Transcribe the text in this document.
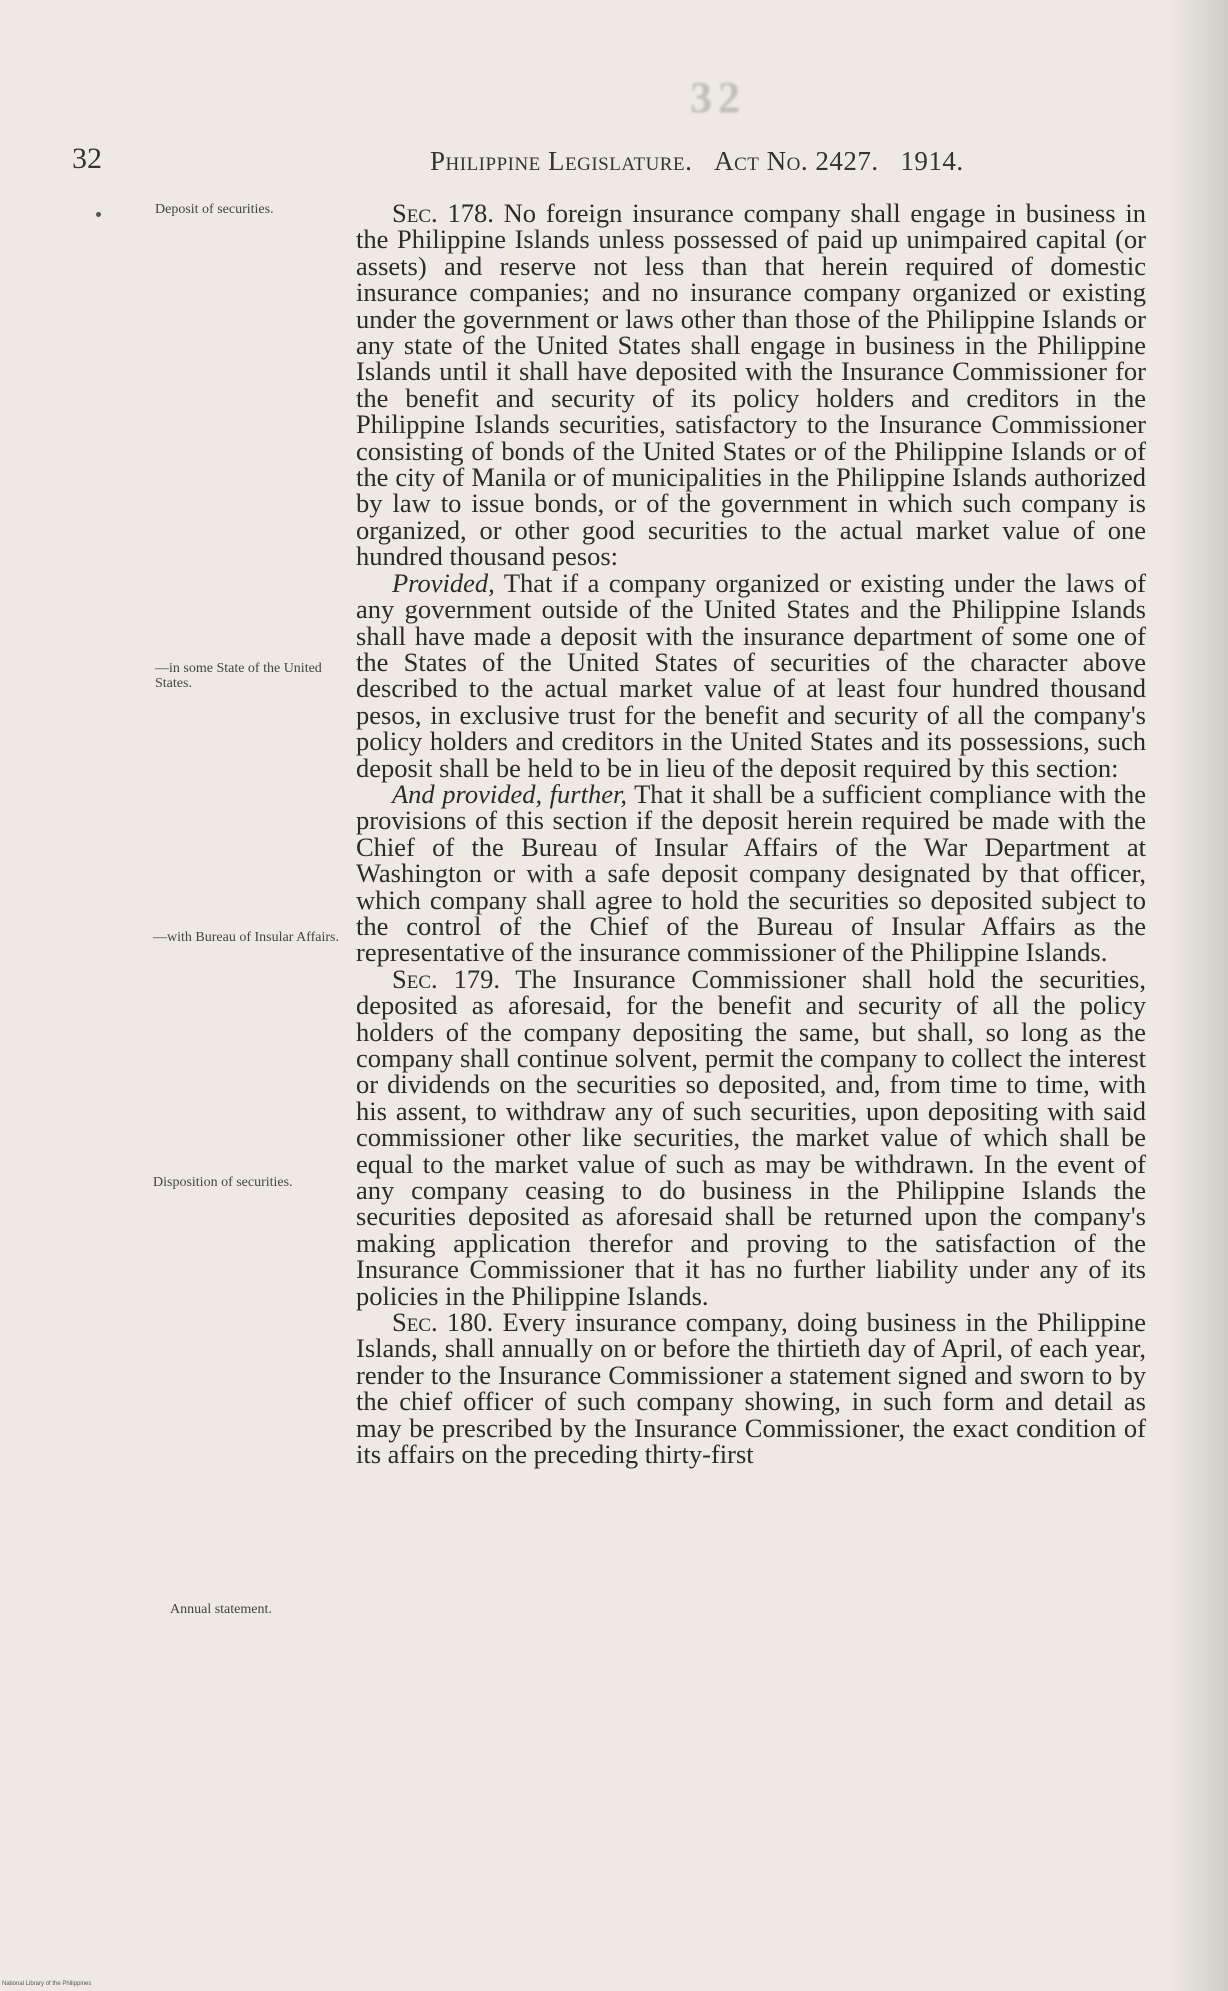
32
32	Philippine Legislature. Act No. 2427. 1914.
Deposit of securities.
—in some State of the United States.
—with Bureau of Insular Affairs.
Disposition of securities.
Annual statement.

Sec. 178. No foreign insurance company shall engage in business in the Philippine Islands unless possessed of paid up unimpaired capital (or assets) and reserve not less than that herein required of domestic insurance companies; and no insurance company organized or existing under the government or laws other than those of the Philippine Islands or any state of the United States shall engage in business in the Philippine Islands until it shall have deposited with the Insurance Commissioner for the benefit and security of its policy holders and creditors in the Philippine Islands securities, satisfactory to the Insurance Commissioner consisting of bonds of the United States or of the Philippine Islands or of the city of Manila or of municipalities in the Philippine Islands authorized by law to issue bonds, or of the government in which such company is organized, or other good securities to the actual market value of one hundred thousand pesos:

Provided, That if a company organized or existing under the laws of any government outside of the United States and the Philippine Islands shall have made a deposit with the insurance department of some one of the States of the United States of securities of the character above described to the actual market value of at least four hundred thousand pesos, in exclusive trust for the benefit and security of all the company's policy holders and creditors in the United States and its possessions, such deposit shall be held to be in lieu of the deposit required by this section:

And provided, further, That it shall be a sufficient compliance with the provisions of this section if the deposit herein required be made with the Chief of the Bureau of Insular Affairs of the War Department at Washington or with a safe deposit company designated by that officer, which company shall agree to hold the securities so deposited subject to the control of the Chief of the Bureau of Insular Affairs as the representative of the insurance commissioner of the Philippine Islands.

Sec. 179. The Insurance Commissioner shall hold the securities, deposited as aforesaid, for the benefit and security of all the policy holders of the company depositing the same, but shall, so long as the company shall continue solvent, permit the company to collect the interest or dividends on the securities so deposited, and, from time to time, with his assent, to withdraw any of such securities, upon depositing with said commissioner other like securities, the market value of which shall be equal to the market value of such as may be withdrawn. In the event of any company ceasing to do business in the Philippine Islands the securities deposited as aforesaid shall be returned upon the company's making application therefor and proving to the satisfaction of the Insurance Commissioner that it has no further liability under any of its policies in the Philippine Islands.

Sec. 180. Every insurance company, doing business in the Philippine Islands, shall annually on or before the thirtieth day of April, of each year, render to the Insurance Commissioner a statement signed and sworn to by the chief officer of such company showing, in such form and detail as may be prescribed by the Insurance Commissioner, the exact condition of its affairs on the preceding thirty-first

National Library of the Philippines
